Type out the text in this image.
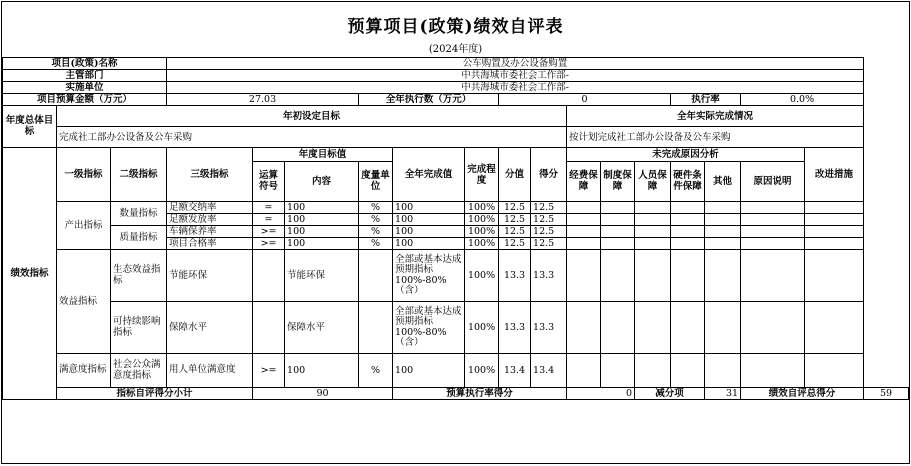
预算项目(政策)绩效自评表
(2024年度)
项目(政策)名称			公车购置及办公设备购置															
主管部门			中共海城市委社会工作部-															
实施单位			中共海城市委社会工作部-															
项目预算金额（万元）			27.03			全年执行数（万元）			0					执行率		0.0%		
年度总体目标	年初设定目标										全年实际完成情况							
	完成社工部办公设备及公车采购										按计划完成社工部办公设备及公车采购							
绩效指标	一级指标	二级指标	三级指标	年度目标值			全年完成值	完成程度	分值	得分	未完成原因分析						改进措施	
				运算符号	内容	度量单位					经费保障	制度保障	人员保障	硬件条件保障	其他	原因说明		
	产出指标	数量指标	足额交纳率	=	100	%	100	100%	12.5	12.5								
			足额发放率	=	100	%	100	100%	12.5	12.5								
		质量指标	车辆保养率	>=	100	%	100	100%	12.5	12.5								
			项目合格率	>=	100	%	100	100%	12.5	12.5								
	效益指标	生态效益指标	节能环保		节能环保		全部或基本达成预期指标100%-80%（含）	100%	13.3	13.3								
		可持续影响指标	保障水平		保障水平		全部或基本达成预期指标100%-80%（含）	100%	13.3	13.3								
	满意度指标	社会公众满意度指标	用人单位满意度	>=	100	%	100	100%	13.4	13.4								
	指标自评得分小计			90			预算执行率得分				0		减分项		31	绩效自评总得分		59
